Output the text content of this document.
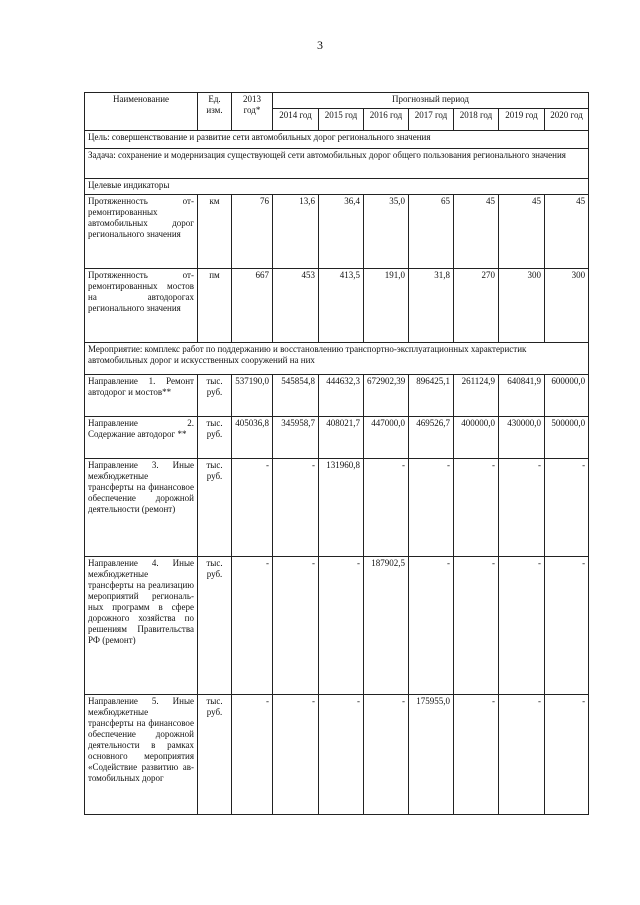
3
Наименование	Ед. изм.	2013 год*	Прогнозный период						
			2014 год	2015 год	2016 год	2017 год	2018 год	2019 год	2020 год
Цель: совершенствование и развитие сети автомобильных дорог регионального значения									
Задача: сохранение и модернизация существующей сети автомобильных дорог общего пользования регионального значения									
Целевые индикаторы									
Протяженность отремонтированных автомобильных дорог регионального значения	км	76	13,6	36,4	35,0	65	45	45	45
Протяженность отремонтированных мостов на автодорогах регионального значения	пм	667	453	413,5	191,0	31,8	270	300	300
Мероприятие: комплекс работ по поддержанию и восстановлению транспортно-эксплуатационных характеристик автомобильных дорог и искусственных сооружений на них									
Направление 1. Ремонт автодорог и мостов**	тыс. руб.	537190,0	545854,8	444632,3	672902,39	896425,1	261124,9	640841,9	600000,0
Направление 2. Содержание автодорог **	тыс. руб.	405036,8	345958,7	408021,7	447000,0	469526,7	400000,0	430000,0	500000,0
Направление 3. Иные межбюджетные трансферты на финансовое обеспечение дорожной деятельности (ремонт)	тыс. руб.	-	-	131960,8	-	-	-	-	-
Направление 4. Иные межбюджетные трансферты на реализацию мероприятий региональных программ в сфере дорожного хозяйства по решениям Правительства РФ (ремонт)	тыс. руб.	-	-	-	187902,5	-	-	-	-
Направление 5. Иные межбюджетные трансферты на финансовое обеспечение дорожной деятельности в рамках основного мероприятия «Содействие развитию автомобильных дорог	тыс. руб.	-	-	-	-	175955,0	-	-	-
